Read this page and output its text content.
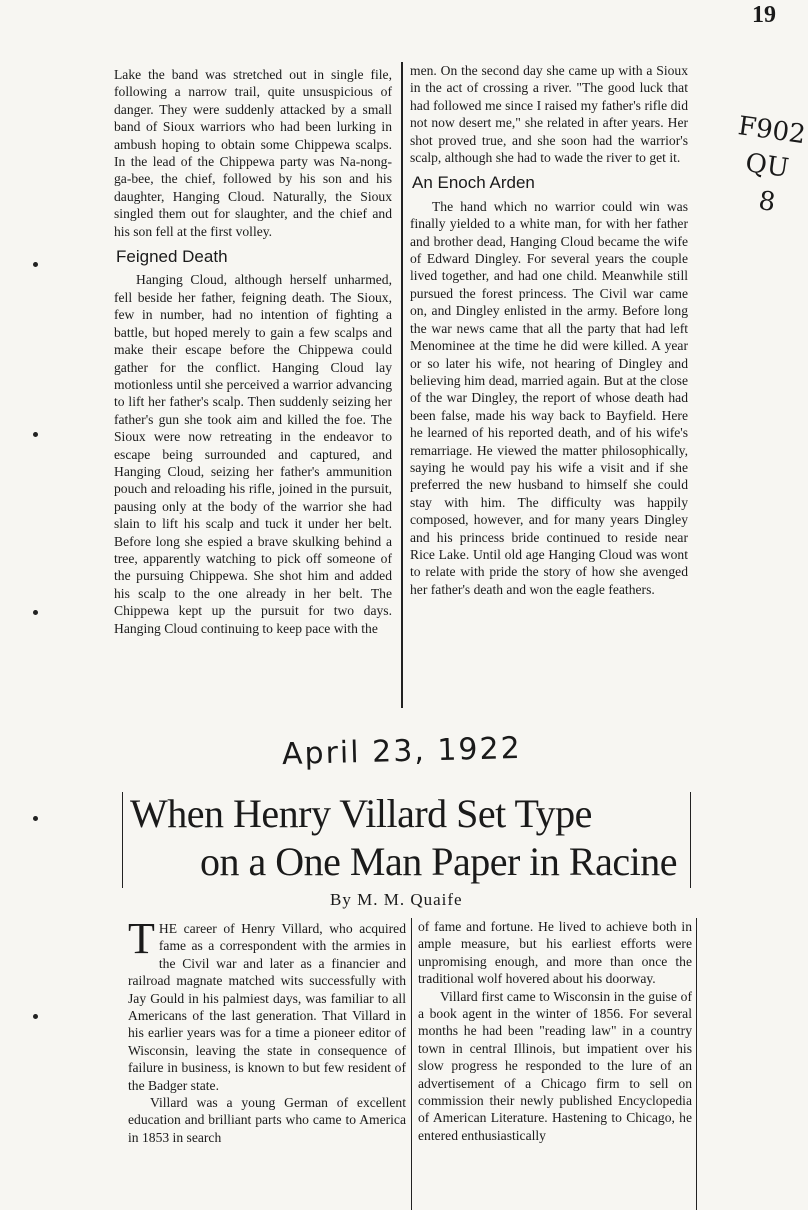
19
F902
QU
8

Lake the band was stretched out in single file, following a narrow trail, quite unsuspicious of danger. They were suddenly attacked by a small band of Sioux warriors who had been lurking in ambush hoping to obtain some Chippewa scalps. In the lead of the Chippewa party was Na-nong-ga-bee, the chief, followed by his son and his daughter, Hanging Cloud. Naturally, the Sioux singled them out for slaughter, and the chief and his son fell at the first volley.

Feigned Death

Hanging Cloud, although herself unharmed, fell beside her father, feigning death. The Sioux, few in number, had no intention of fighting a battle, but hoped merely to gain a few scalps and make their escape before the Chippewa could gather for the conflict. Hanging Cloud lay motionless until she perceived a warrior advancing to lift her father's scalp. Then suddenly seizing her father's gun she took aim and killed the foe. The Sioux were now retreating in the endeavor to escape being surrounded and captured, and Hanging Cloud, seizing her father's ammunition pouch and reloading his rifle, joined in the pursuit, pausing only at the body of the warrior she had slain to lift his scalp and tuck it under her belt. Before long she espied a brave skulking behind a tree, apparently watching to pick off someone of the pursuing Chippewa. She shot him and added his scalp to the one already in her belt. The Chippewa kept up the pursuit for two days. Hanging Cloud continuing to keep pace with the

men. On the second day she came up with a Sioux in the act of crossing a river. "The good luck that had followed me since I raised my father's rifle did not now desert me," she related in after years. Her shot proved true, and she soon had the warrior's scalp, although she had to wade the river to get it.

An Enoch Arden

The hand which no warrior could win was finally yielded to a white man, for with her father and brother dead, Hanging Cloud became the wife of Edward Dingley. For several years the couple lived together, and had one child. Meanwhile still pursued the forest princess. The Civil war came on, and Dingley enlisted in the army. Before long the war news came that all the party that had left Menominee at the time he did were killed. A year or so later his wife, not hearing of Dingley and believing him dead, married again. But at the close of the war Dingley, the report of whose death had been false, made his way back to Bayfield. Here he learned of his reported death, and of his wife's remarriage. He viewed the matter philosophically, saying he would pay his wife a visit and if she preferred the new husband to himself she could stay with him. The difficulty was happily composed, however, and for many years Dingley and his princess bride continued to reside near Rice Lake. Until old age Hanging Cloud was wont to relate with pride the story of how she avenged her father's death and won the eagle feathers.

April 23, 1922
When Henry Villard Set Type
on a One Man Paper in Racine
By M. M. Quaife

THE career of Henry Villard, who acquired fame as a correspondent with the armies in the Civil war and later as a financier and railroad magnate matched wits successfully with Jay Gould in his palmiest days, was familiar to all Americans of the last generation. That Villard in his earlier years was for a time a pioneer editor of Wisconsin, leaving the state in consequence of failure in business, is known to but few resident of the Badger state.

Villard was a young German of excellent education and brilliant parts who came to America in 1853 in search

of fame and fortune. He lived to achieve both in ample measure, but his earliest efforts were unpromising enough, and more than once the traditional wolf hovered about his doorway.

Villard first came to Wisconsin in the guise of a book agent in the winter of 1856. For several months he had been "reading law" in a country town in central Illinois, but impatient over his slow progress he responded to the lure of an advertisement of a Chicago firm to sell on commission their newly published Encyclopedia of American Literature. Hastening to Chicago, he entered enthusiastically
